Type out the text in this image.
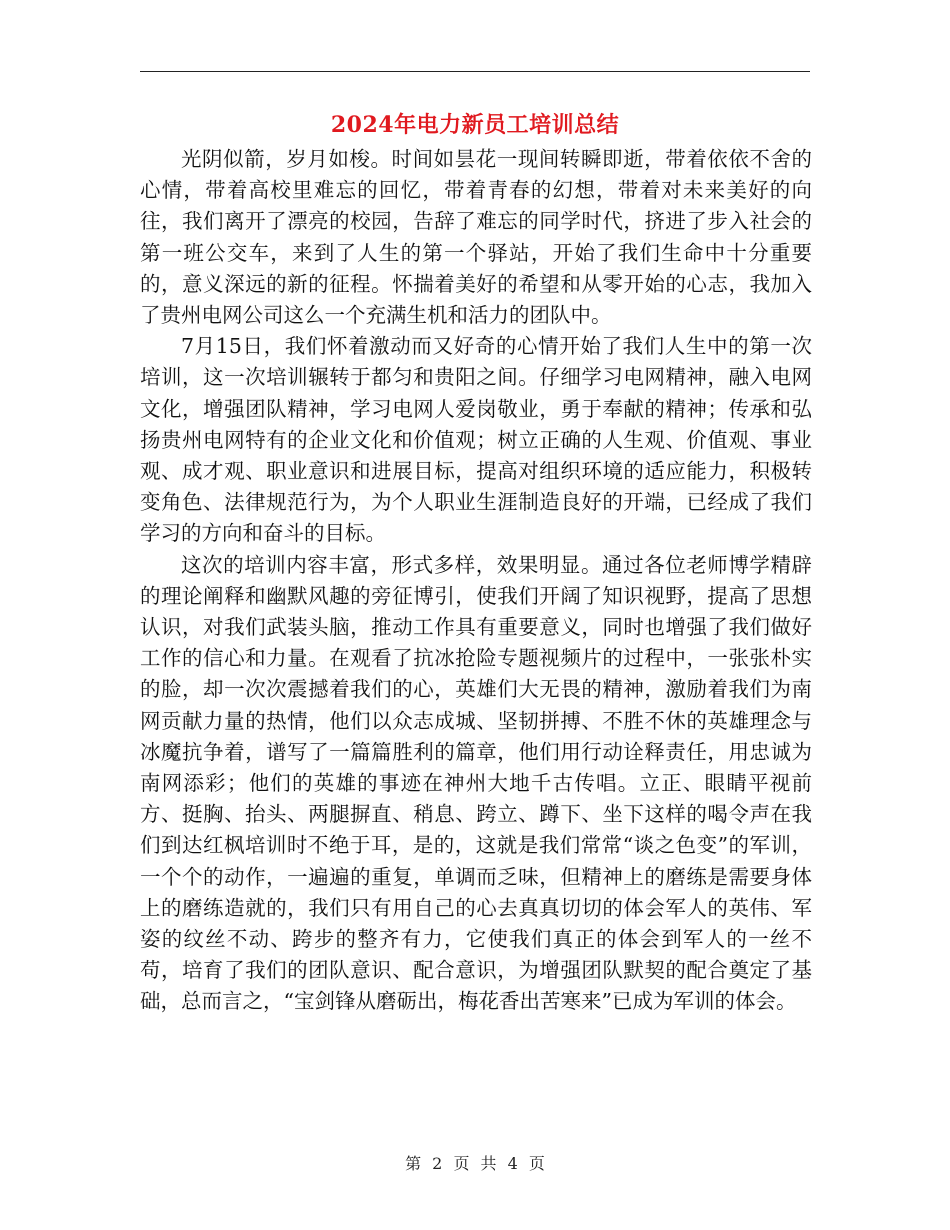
2024年电力新员工培训总结

光阴似箭，岁月如梭。时间如昙花一现间转瞬即逝，带着依依不舍的心情，带着高校里难忘的回忆，带着青春的幻想，带着对未来美好的向往，我们离开了漂亮的校园，告辞了难忘的同学时代，挤进了步入社会的第一班公交车，来到了人生的第一个驿站，开始了我们生命中十分重要的，意义深远的新的征程。怀揣着美好的希望和从零开始的心志，我加入了贵州电网公司这么一个充满生机和活力的团队中。

7月15日，我们怀着激动而又好奇的心情开始了我们人生中的第一次培训，这一次培训辗转于都匀和贵阳之间。仔细学习电网精神，融入电网文化，增强团队精神，学习电网人爱岗敬业，勇于奉献的精神；传承和弘扬贵州电网特有的企业文化和价值观；树立正确的人生观、价值观、事业观、成才观、职业意识和进展目标，提高对组织环境的适应能力，积极转变角色、法律规范行为，为个人职业生涯制造良好的开端，已经成了我们学习的方向和奋斗的目标。

这次的培训内容丰富，形式多样，效果明显。通过各位老师博学精辟的理论阐释和幽默风趣的旁征博引，使我们开阔了知识视野，提高了思想认识，对我们武装头脑，推动工作具有重要意义，同时也增强了我们做好工作的信心和力量。在观看了抗冰抢险专题视频片的过程中，一张张朴实的脸，却一次次震撼着我们的心，英雄们大无畏的精神，激励着我们为南网贡献力量的热情，他们以众志成城、坚韧拼搏、不胜不休的英雄理念与冰魔抗争着，谱写了一篇篇胜利的篇章，他们用行动诠释责任，用忠诚为南网添彩；他们的英雄的事迹在神州大地千古传唱。立正、眼睛平视前方、挺胸、抬头、两腿摒直、稍息、跨立、蹲下、坐下这样的喝令声在我们到达红枫培训时不绝于耳，是的，这就是我们常常“谈之色变”的军训，一个个的动作，一遍遍的重复，单调而乏味，但精神上的磨练是需要身体上的磨练造就的，我们只有用自己的心去真真切切的体会军人的英伟、军姿的纹丝不动、跨步的整齐有力，它使我们真正的体会到军人的一丝不苟，培育了我们的团队意识、配合意识，为增强团队默契的配合奠定了基础，总而言之，“宝剑锋从磨砺出，梅花香出苦寒来”已成为军训的体会。

第 2 页 共 4 页
